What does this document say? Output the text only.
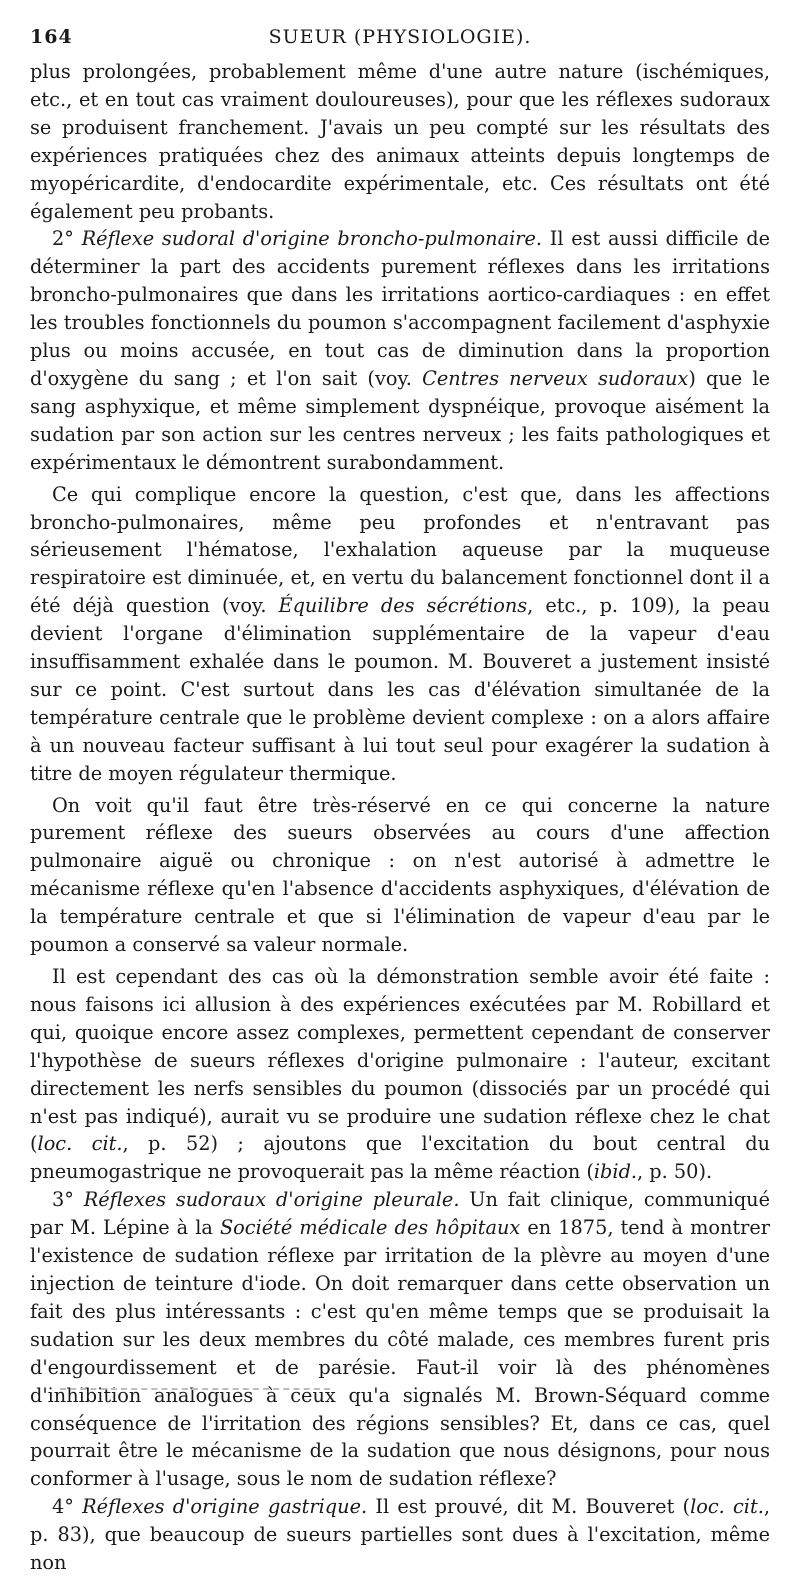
164	SUEUR (PHYSIOLOGIE).

plus prolongées, probablement même d'une autre nature (ischémiques, etc., et en tout cas vraiment douloureuses), pour que les réflexes sudoraux se produisent franchement. J'avais un peu compté sur les résultats des expériences pratiquées chez des animaux atteints depuis longtemps de myopéricardite, d'endocardite expérimentale, etc. Ces résultats ont été également peu probants.

2° Réflexe sudoral d'origine broncho-pulmonaire. Il est aussi difficile de déterminer la part des accidents purement réflexes dans les irritations broncho-pulmonaires que dans les irritations aortico-cardiaques : en effet les troubles fonctionnels du poumon s'accompagnent facilement d'asphyxie plus ou moins accusée, en tout cas de diminution dans la proportion d'oxygène du sang ; et l'on sait (voy. Centres nerveux sudoraux) que le sang asphyxique, et même simplement dyspnéique, provoque aisément la sudation par son action sur les centres nerveux ; les faits pathologiques et expérimentaux le démontrent surabondamment.

Ce qui complique encore la question, c'est que, dans les affections broncho-pulmonaires, même peu profondes et n'entravant pas sérieusement l'hématose, l'exhalation aqueuse par la muqueuse respiratoire est diminuée, et, en vertu du balancement fonctionnel dont il a été déjà question (voy. Équilibre des sécrétions, etc., p. 109), la peau devient l'organe d'élimination supplémentaire de la vapeur d'eau insuffisamment exhalée dans le poumon. M. Bouveret a justement insisté sur ce point. C'est surtout dans les cas d'élévation simultanée de la température centrale que le problème devient complexe : on a alors affaire à un nouveau facteur suffisant à lui tout seul pour exagérer la sudation à titre de moyen régulateur thermique.

On voit qu'il faut être très-réservé en ce qui concerne la nature purement réflexe des sueurs observées au cours d'une affection pulmonaire aiguë ou chronique : on n'est autorisé à admettre le mécanisme réflexe qu'en l'absence d'accidents asphyxiques, d'élévation de la température centrale et que si l'élimination de vapeur d'eau par le poumon a conservé sa valeur normale.

Il est cependant des cas où la démonstration semble avoir été faite : nous faisons ici allusion à des expériences exécutées par M. Robillard et qui, quoique encore assez complexes, permettent cependant de conserver l'hypothèse de sueurs réflexes d'origine pulmonaire : l'auteur, excitant directement les nerfs sensibles du poumon (dissociés par un procédé qui n'est pas indiqué), aurait vu se produire une sudation réflexe chez le chat (loc. cit., p. 52) ; ajoutons que l'excitation du bout central du pneumogastrique ne provoquerait pas la même réaction (ibid., p. 50).

3° Réflexes sudoraux d'origine pleurale. Un fait clinique, communiqué par M. Lépine à la Société médicale des hôpitaux en 1875, tend à montrer l'existence de sudation réflexe par irritation de la plèvre au moyen d'une injection de teinture d'iode. On doit remarquer dans cette observation un fait des plus intéressants : c'est qu'en même temps que se produisait la sudation sur les deux membres du côté malade, ces membres furent pris d'engourdissement et de parésie. Faut-il voir là des phénomènes d'inhibition analogues à ceux qu'a signalés M. Brown-Séquard comme conséquence de l'irritation des régions sensibles? Et, dans ce cas, quel pourrait être le mécanisme de la sudation que nous désignons, pour nous conformer à l'usage, sous le nom de sudation réflexe?

4° Réflexes d'origine gastrique. Il est prouvé, dit M. Bouveret (loc. cit., p. 83), que beaucoup de sueurs partielles sont dues à l'excitation, même non
